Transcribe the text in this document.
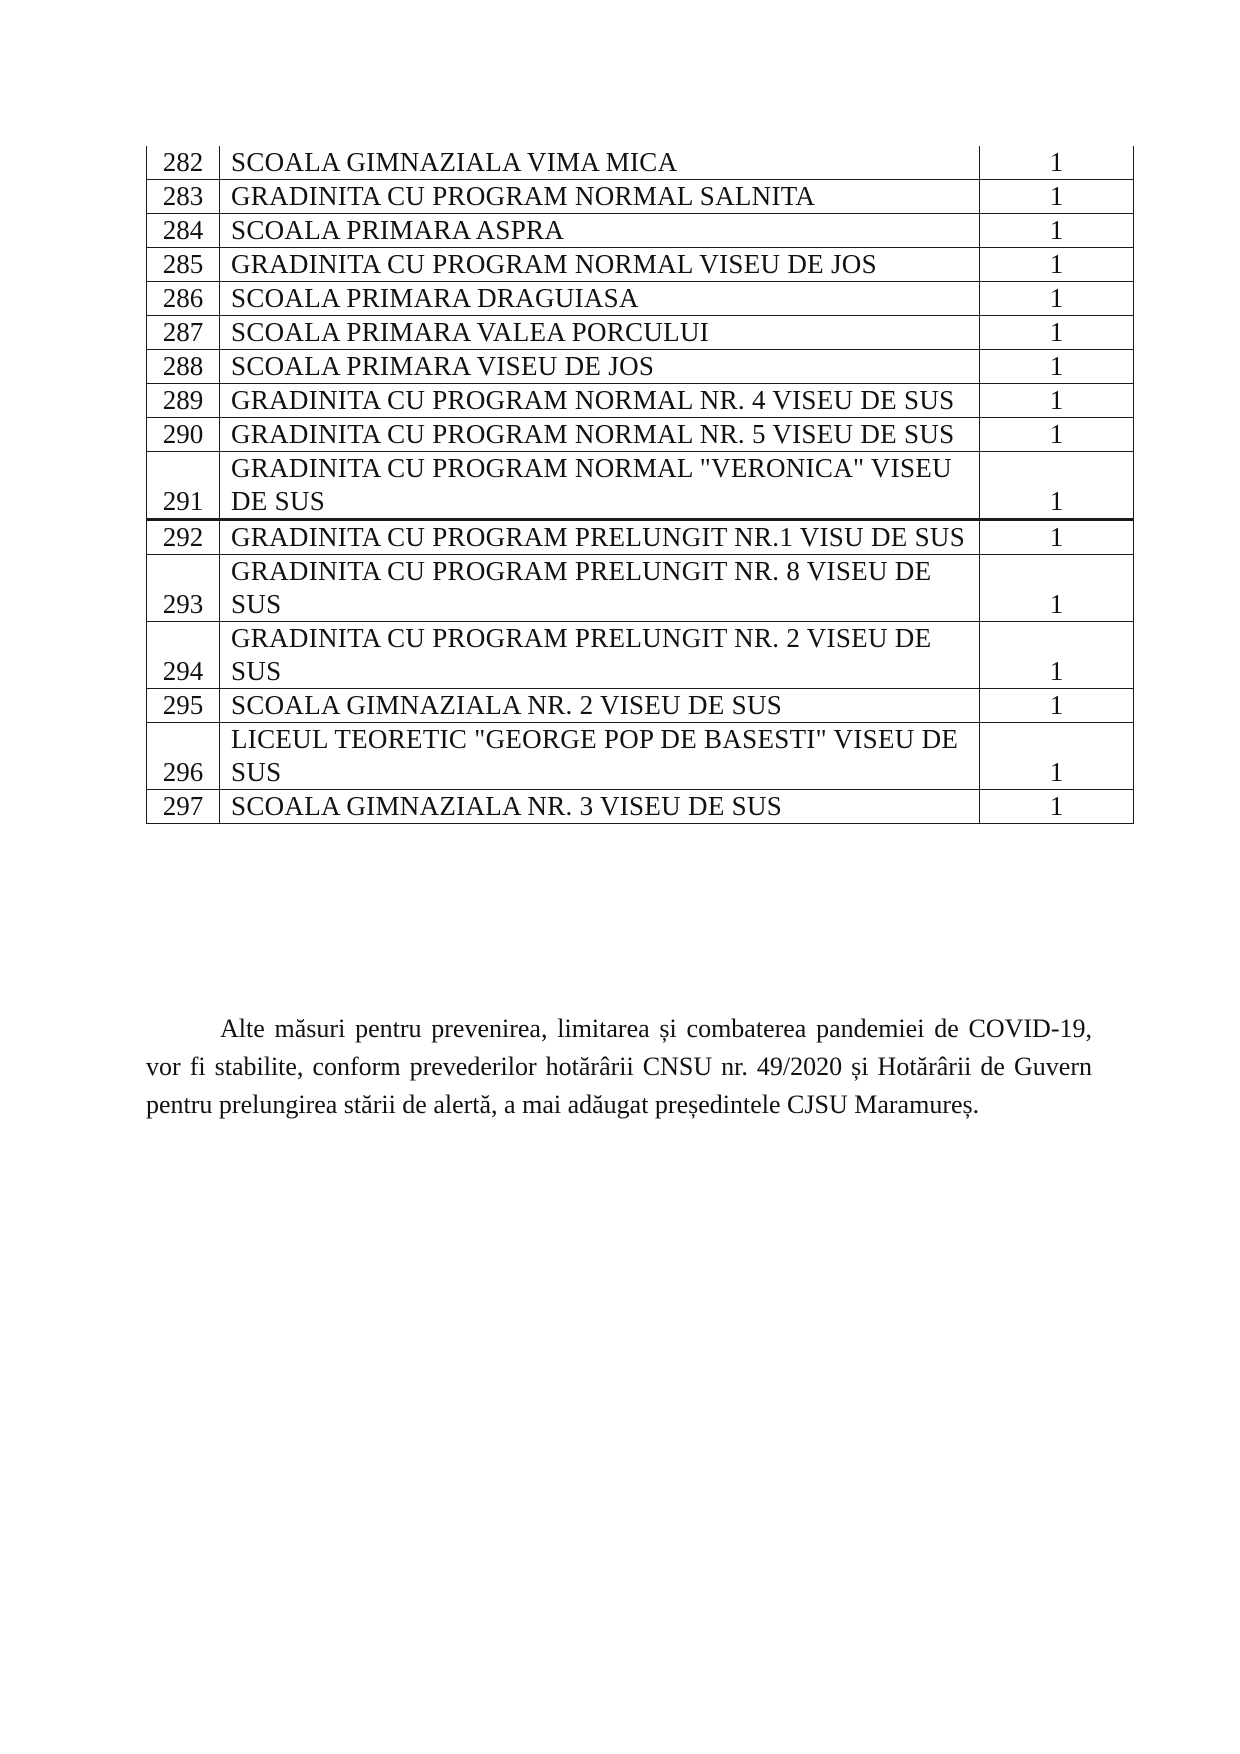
282	SCOALA GIMNAZIALA VIMA MICA	1
283	GRADINITA CU PROGRAM NORMAL SALNITA	1
284	SCOALA PRIMARA ASPRA	1
285	GRADINITA CU PROGRAM NORMAL VISEU DE JOS	1
286	SCOALA PRIMARA DRAGUIASA	1
287	SCOALA PRIMARA VALEA PORCULUI	1
288	SCOALA PRIMARA VISEU DE JOS	1
289	GRADINITA CU PROGRAM NORMAL NR. 4 VISEU DE SUS	1
290	GRADINITA CU PROGRAM NORMAL NR. 5 VISEU DE SUS	1
291	GRADINITA CU PROGRAM NORMAL "VERONICA" VISEU DE SUS	1
292	GRADINITA CU PROGRAM PRELUNGIT NR.1 VISU DE SUS	1
293	GRADINITA CU PROGRAM PRELUNGIT NR. 8 VISEU DE SUS	1
294	GRADINITA CU PROGRAM PRELUNGIT NR. 2 VISEU DE SUS	1
295	SCOALA GIMNAZIALA NR. 2 VISEU DE SUS	1
296	LICEUL TEORETIC "GEORGE POP DE BASESTI" VISEU DE SUS	1
297	SCOALA GIMNAZIALA NR. 3 VISEU DE SUS	1

Alte măsuri pentru prevenirea, limitarea și combaterea pandemiei de COVID-19, vor fi stabilite, conform prevederilor hotărârii CNSU nr. 49/2020 și Hotărârii de Guvern pentru prelungirea stării de alertă, a mai adăugat președintele CJSU Maramureș.
